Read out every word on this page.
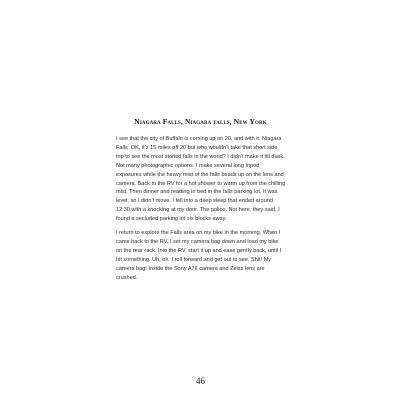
Niagara Falls, Niagara falls, New York

I see that the city of Buffalo is coming up on 20, and with it, Niagara Falls. OK, it’s 15 miles off 20 but who wouldn’t take that short side trip to see the most storied falls in the world? I didn’t make it till dusk. Not many photographic options. I make several long tripod exposures while the heavy mist of the falls beads up on the lens and camera. Back to the RV for a hot shower to warm up from the chilling mist. Then dinner and reading in bed in the falls parking lot. It was level, so I didn’t move. I fell into a deep sleep that ended around 12:30 with a knocking at my door. The police. Not here, they said. I found a secluded parking lot six blocks away.

I return to explore the Falls area on my bike in the morning. When I came back to the RV, I set my camera bag down and load my bike on the rear rack. Into the RV, start it up and ease gently back, until I hit something. Uh, oh. I roll forward and get out to see. Shit! My camera bag! Inside the Sony A7II camera and Zeiss lens are crushed.

46
